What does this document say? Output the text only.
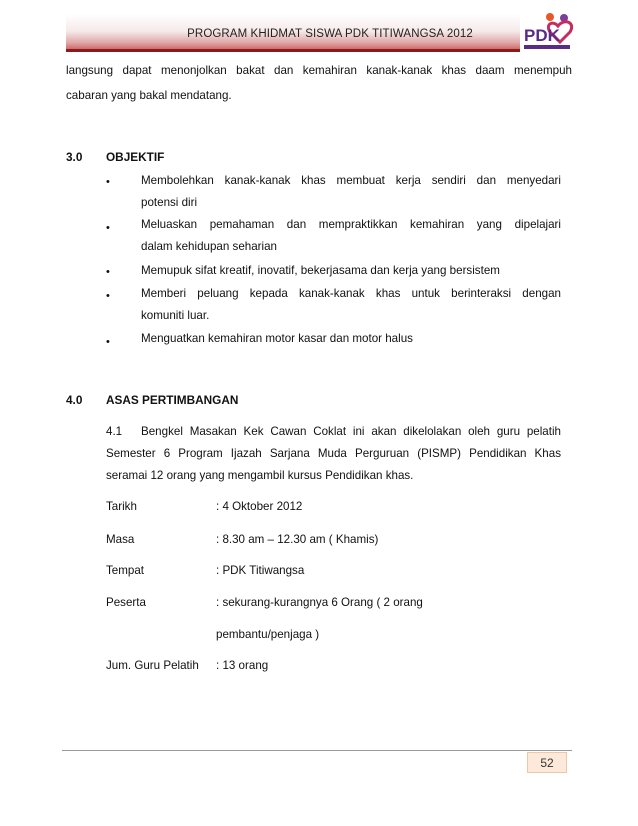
PROGRAM KHIDMAT SISWA PDK TITIWANGSA 2012	PDK
langsung dapat menonjolkan bakat dan kemahiran kanak-kanak khas daam menempuh
cabaran yang bakal mendatang.
3.0 OBJEKTIF
•	Membolehkan kanak-kanak khas membuat kerja sendiri dan menyedari
potensi diri
•	Meluaskan pemahaman dan mempraktikkan kemahiran yang dipelajari
dalam kehidupan seharian
•	Memupuk sifat kreatif, inovatif, bekerjasama dan kerja yang bersistem
•	Memberi peluang kepada kanak-kanak khas untuk berinteraksi dengan
komuniti luar.
•	Menguatkan kemahiran motor kasar dan motor halus
4.0 ASAS PERTIMBANGAN
4.1 Bengkel Masakan Kek Cawan Coklat ini akan dikelolakan oleh guru pelatih
Semester 6 Program Ijazah Sarjana Muda Perguruan (PISMP) Pendidikan Khas
seramai 12 orang yang mengambil kursus Pendidikan khas.
Tarikh	: 4 Oktober 2012
Masa	: 8.30 am – 12.30 am ( Khamis)
Tempat	: PDK Titiwangsa
Peserta	: sekurang-kurangnya 6 Orang ( 2 orang
pembantu/penjaga )
Jum. Guru Pelatih : 13 orang
52
